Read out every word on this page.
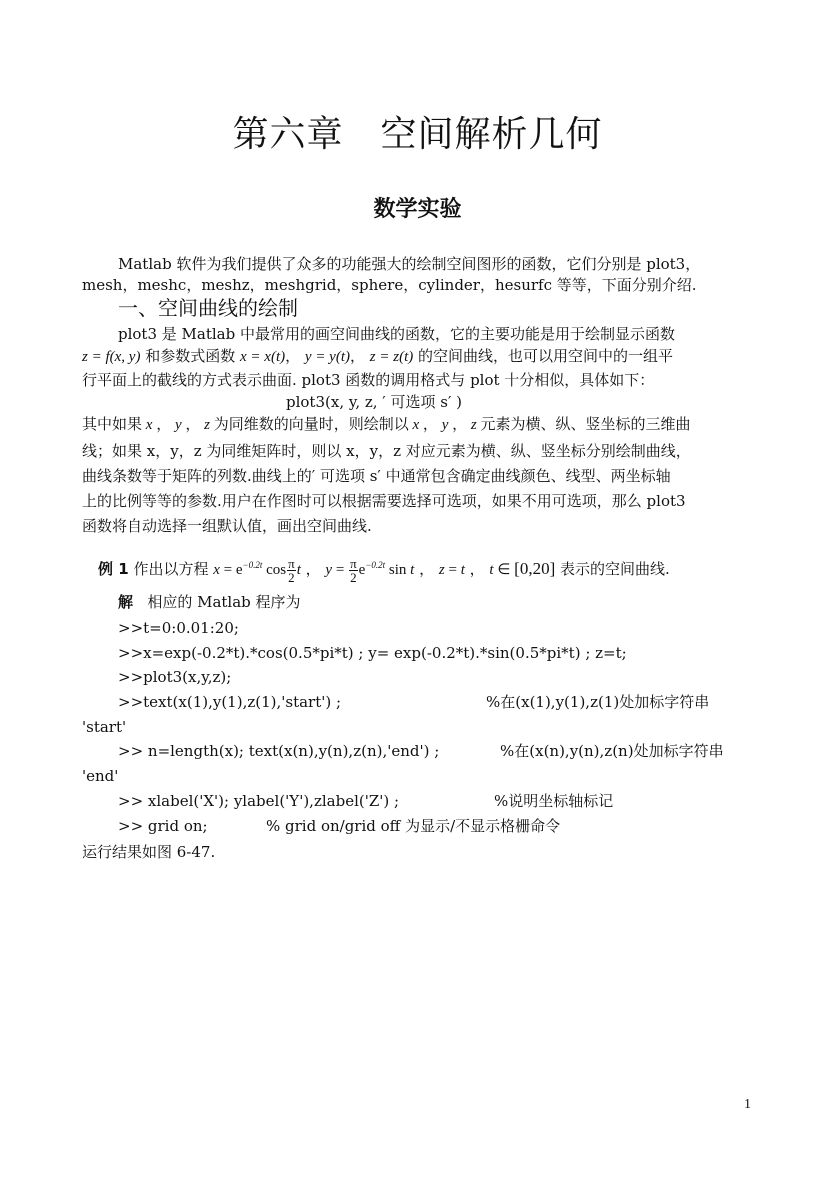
第六章　空间解析几何
数学实验
Matlab 软件为我们提供了众多的功能强大的绘制空间图形的函数，它们分别是 plot3，
mesh，meshc，meshz，meshgrid，sphere，cylinder，hesurfc 等等，下面分别介绍.
一、空间曲线的绘制
plot3 是 Matlab 中最常用的画空间曲线的函数，它的主要功能是用于绘制显示函数
z = f(x, y) 和参数式函数 x = x(t)， y = y(t)， z = z(t) 的空间曲线，也可以用空间中的一组平
行平面上的截线的方式表示曲面. plot3 函数的调用格式与 plot 十分相似，具体如下：
plot3(x, y, z, ′ 可选项 s′ )
其中如果 x ， y ， z 为同维数的向量时，则绘制以 x ， y ， z 元素为横、纵、竖坐标的三维曲
线；如果 x，y，z 为同维矩阵时，则以 x，y，z 对应元素为横、纵、竖坐标分别绘制曲线，
曲线条数等于矩阵的列数.曲线上的′ 可选项 s′ 中通常包含确定曲线颜色、线型、两坐标轴
上的比例等等的参数.用户在作图时可以根据需要选择可选项，如果不用可选项，那么 plot3
函数将自动选择一组默认值，画出空间曲线.
例 1 作出以方程 $x = e^{-0.2t}$ $\cos \frac{\pi}{2}$ t ， $y = \frac{\pi}{2} e^{-0.2t}$ sin t ， z = t ， t ∈ [0,20] 表示的空间曲线.
解 相应的 Matlab 程序为
>>t=0:0.01:20;
>>x=exp(-0.2*t).*cos(0.5*pi*t) ; y= exp(-0.2*t).*sin(0.5*pi*t) ; z=t;
>>plot3(x,y,z);
>>text(x(1),y(1),z(1),'start') ;	%在(x(1),y(1),z(1)处加标字符串
'start'
>> n=length(x); text(x(n),y(n),z(n),'end') ;	%在(x(n),y(n),z(n)处加标字符串
'end'
>> xlabel('X'); ylabel('Y'),zlabel('Z') ;	%说明坐标轴标记
>> grid on;	% grid on/grid off 为显示/不显示格栅命令
运行结果如图 6-47.
1
